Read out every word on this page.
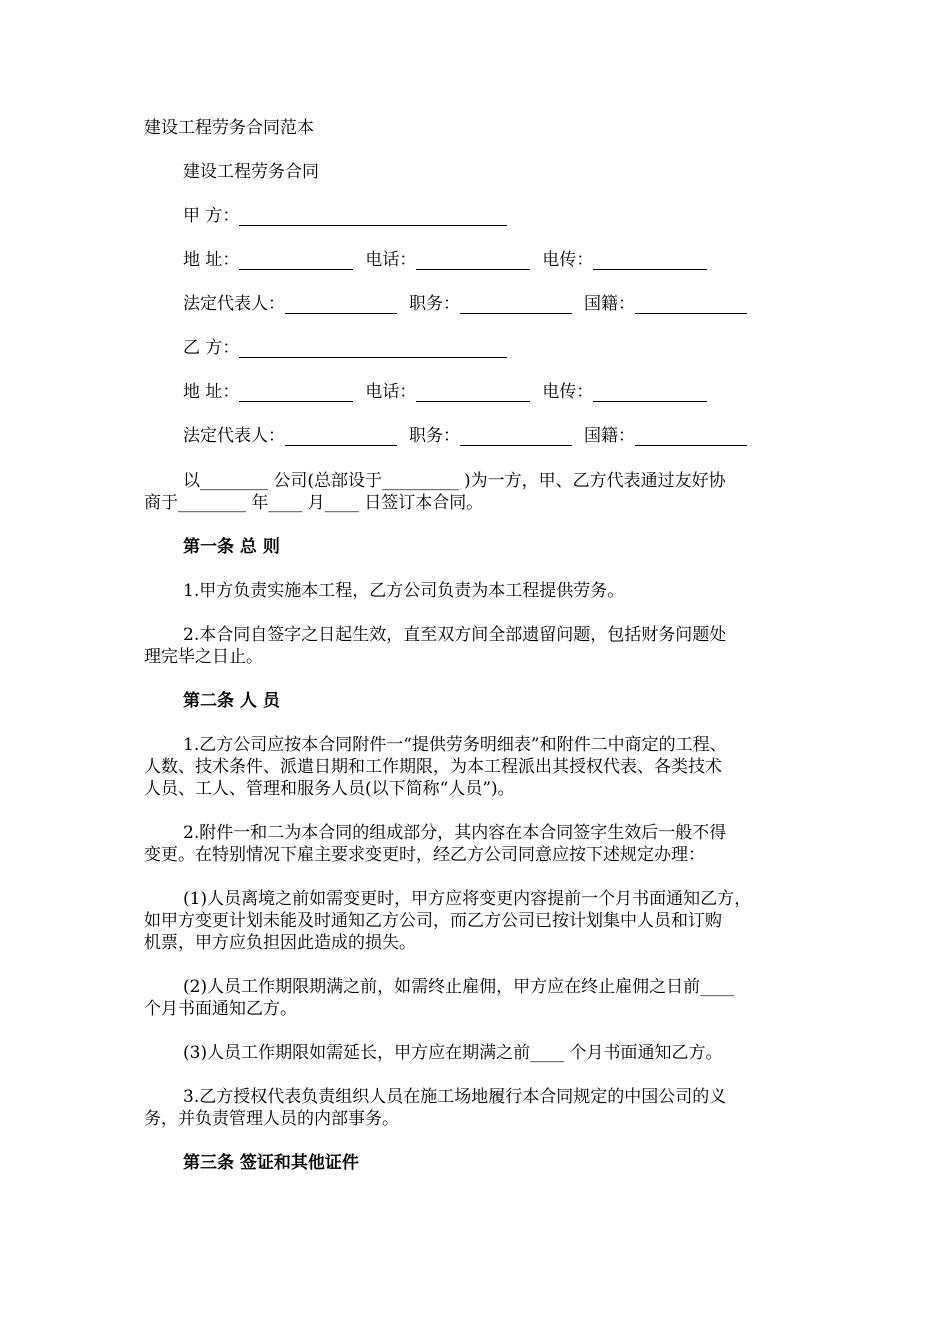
建设工程劳务合同范本
建设工程劳务合同
甲 方：
地 址：	电话：	电传：
法定代表人：	职务：	国籍：
乙 方：
地 址：	电话：	电传：
法定代表人：	职务：	国籍：
以________ 公司(总部设于_________ )为一方，甲、乙方代表通过友好协
商于________ 年____ 月____ 日签订本合同。
第一条 总 则
1.甲方负责实施本工程，乙方公司负责为本工程提供劳务。
2.本合同自签字之日起生效，直至双方间全部遗留问题，包括财务问题处
理完毕之日止。
第二条 人 员
1.乙方公司应按本合同附件一“提供劳务明细表”和附件二中商定的工程、
人数、技术条件、派遣日期和工作期限，为本工程派出其授权代表、各类技术
人员、工人、管理和服务人员(以下简称“人员”)。
2.附件一和二为本合同的组成部分，其内容在本合同签字生效后一般不得
变更。在特别情况下雇主要求变更时，经乙方公司同意应按下述规定办理：
(1)人员离境之前如需变更时，甲方应将变更内容提前一个月书面通知乙方，
如甲方变更计划未能及时通知乙方公司，而乙方公司已按计划集中人员和订购
机票，甲方应负担因此造成的损失。
(2)人员工作期限期满之前，如需终止雇佣，甲方应在终止雇佣之日前____
个月书面通知乙方。
(3)人员工作期限如需延长，甲方应在期满之前____ 个月书面通知乙方。
3.乙方授权代表负责组织人员在施工场地履行本合同规定的中国公司的义
务，并负责管理人员的内部事务。
第三条 签证和其他证件
